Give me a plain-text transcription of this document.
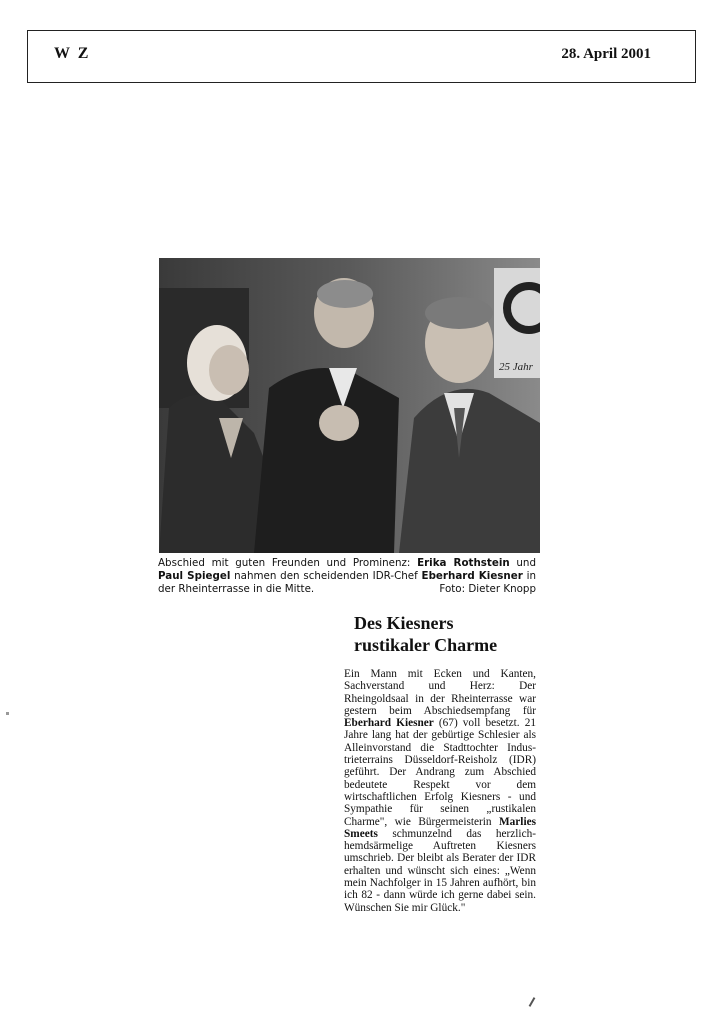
W Z	28. April 2001
25 Jahr
Abschied mit guten Freunden und Prominenz: Erika Rothstein und Paul Spiegel nahmen den scheidenden IDR-Chef Eberhard Kiesner in der Rheinterrasse in die Mitte.	Foto: Dieter Knopp
Des Kiesners
rustikaler Charme
Ein Mann mit Ecken und Kanten, Sachverstand und Herz: Der Rheingoldsaal in der Rheinterrasse war gestern beim Abschiedsempfang für Eberhard Kiesner (67) voll besetzt. 21 Jahre lang hat der gebürtige Schlesier als Alleinvorstand die Stadttochter Industrieterrains Düsseldorf-Reisholz (IDR) geführt. Der Andrang zum Abschied bedeutete Respekt vor dem wirtschaftlichen Erfolg Kiesners - und Sympathie für seinen „rustikalen Charme", wie Bürgermeisterin Marlies Smeets schmunzelnd das herzlich-hemdsärmelige Auftreten Kiesners umschrieb. Der bleibt als Berater der IDR erhalten und wünscht sich eines: „Wenn mein Nachfolger in 15 Jahren aufhört, bin ich 82 - dann würde ich gerne dabei sein. Wünschen Sie mir Glück."
